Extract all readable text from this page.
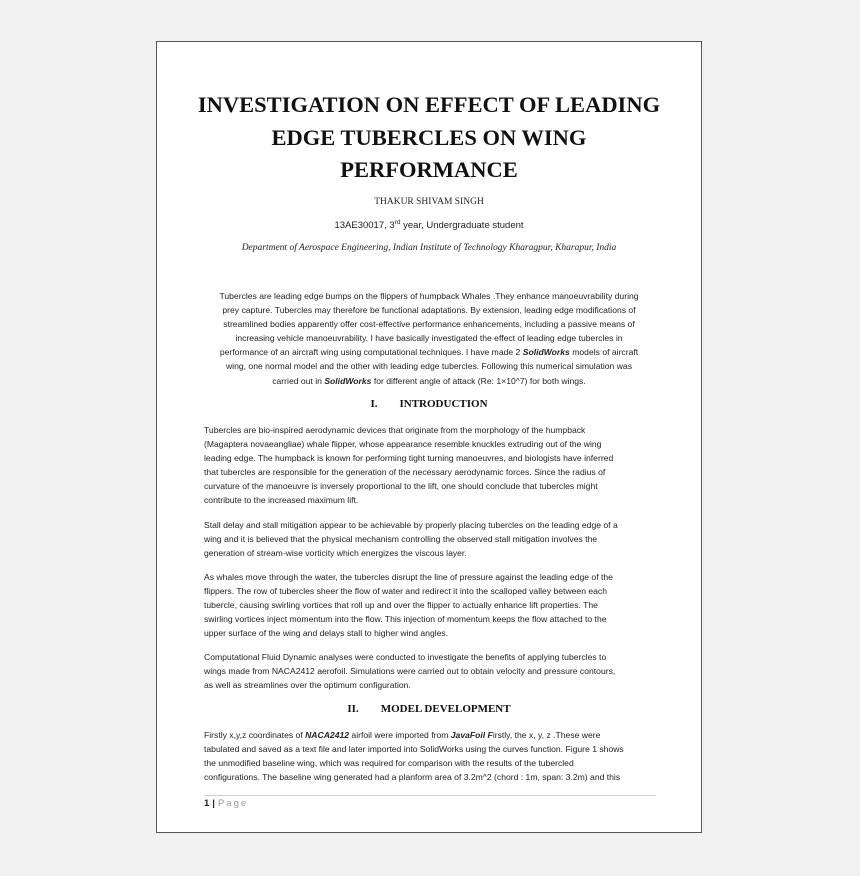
INVESTIGATION ON EFFECT OF LEADING
EDGE TUBERCLES ON WING
PERFORMANCE
THAKUR SHIVAM SINGH
13AE30017, 3rd year, Undergraduate student
Department of Aerospace Engineering, Indian Institute of Technology Kharagpur, Kharapur, India
Tubercles are leading edge bumps on the flippers of humpback Whales .They enhance manoeuvrability during
prey capture. Tubercles may therefore be functional adaptations. By extension, leading edge modifications of
streamlined bodies apparently offer cost-effective performance enhancements, including a passive means of
increasing vehicle manoeuvrability. I have basically investigated the effect of leading edge tubercles in
performance of an aircraft wing using computational techniques. I have made 2 SolidWorks models of aircraft
wing, one normal model and the other with leading edge tubercles. Following this numerical simulation was
carried out in SolidWorks for different angle of attack (Re: 1×10^7) for both wings.
I. INTRODUCTION
Tubercles are bio-inspired aerodynamic devices that originate from the morphology of the humpback
(Magaptera novaeangliae) whale flipper, whose appearance resemble knuckles extruding out of the wing
leading edge. The humpback is known for performing tight turning manoeuvres, and biologists have inferred
that tubercles are responsible for the generation of the necessary aerodynamic forces. Since the radius of
curvature of the manoeuvre is inversely proportional to the lift, one should conclude that tubercles might
contribute to the increased maximum lift.
Stall delay and stall mitigation appear to be achievable by properly placing tubercles on the leading edge of a
wing and it is believed that the physical mechanism controlling the observed stall mitigation involves the
generation of stream-wise vorticity which energizes the viscous layer.
As whales move through the water, the tubercles disrupt the line of pressure against the leading edge of the
flippers. The row of tubercles sheer the flow of water and redirect it into the scalloped valley between each
tubercle, causing swirling vortices that roll up and over the flipper to actually enhance lift properties. The
swirling vortices inject momentum into the flow. This injection of momentum keeps the flow attached to the
upper surface of the wing and delays stall to higher wind angles.
Computational Fluid Dynamic analyses were conducted to investigate the benefits of applying tubercles to
wings made from NACA2412 aerofoil. Simulations were carried out to obtain velocity and pressure contours,
as well as streamlines over the optimum configuration.
II. MODEL DEVELOPMENT
Firstly x,y,z coordinates of NACA2412 airfoil were imported from JavaFoil Firstly, the x, y, z .These were
tabulated and saved as a text file and later imported into SolidWorks using the curves function. Figure 1 shows
the unmodified baseline wing, which was required for comparison with the results of the tubercled
configurations. The baseline wing generated had a planform area of 3.2m^2 (chord : 1m, span: 3.2m) and this
1 | Page
